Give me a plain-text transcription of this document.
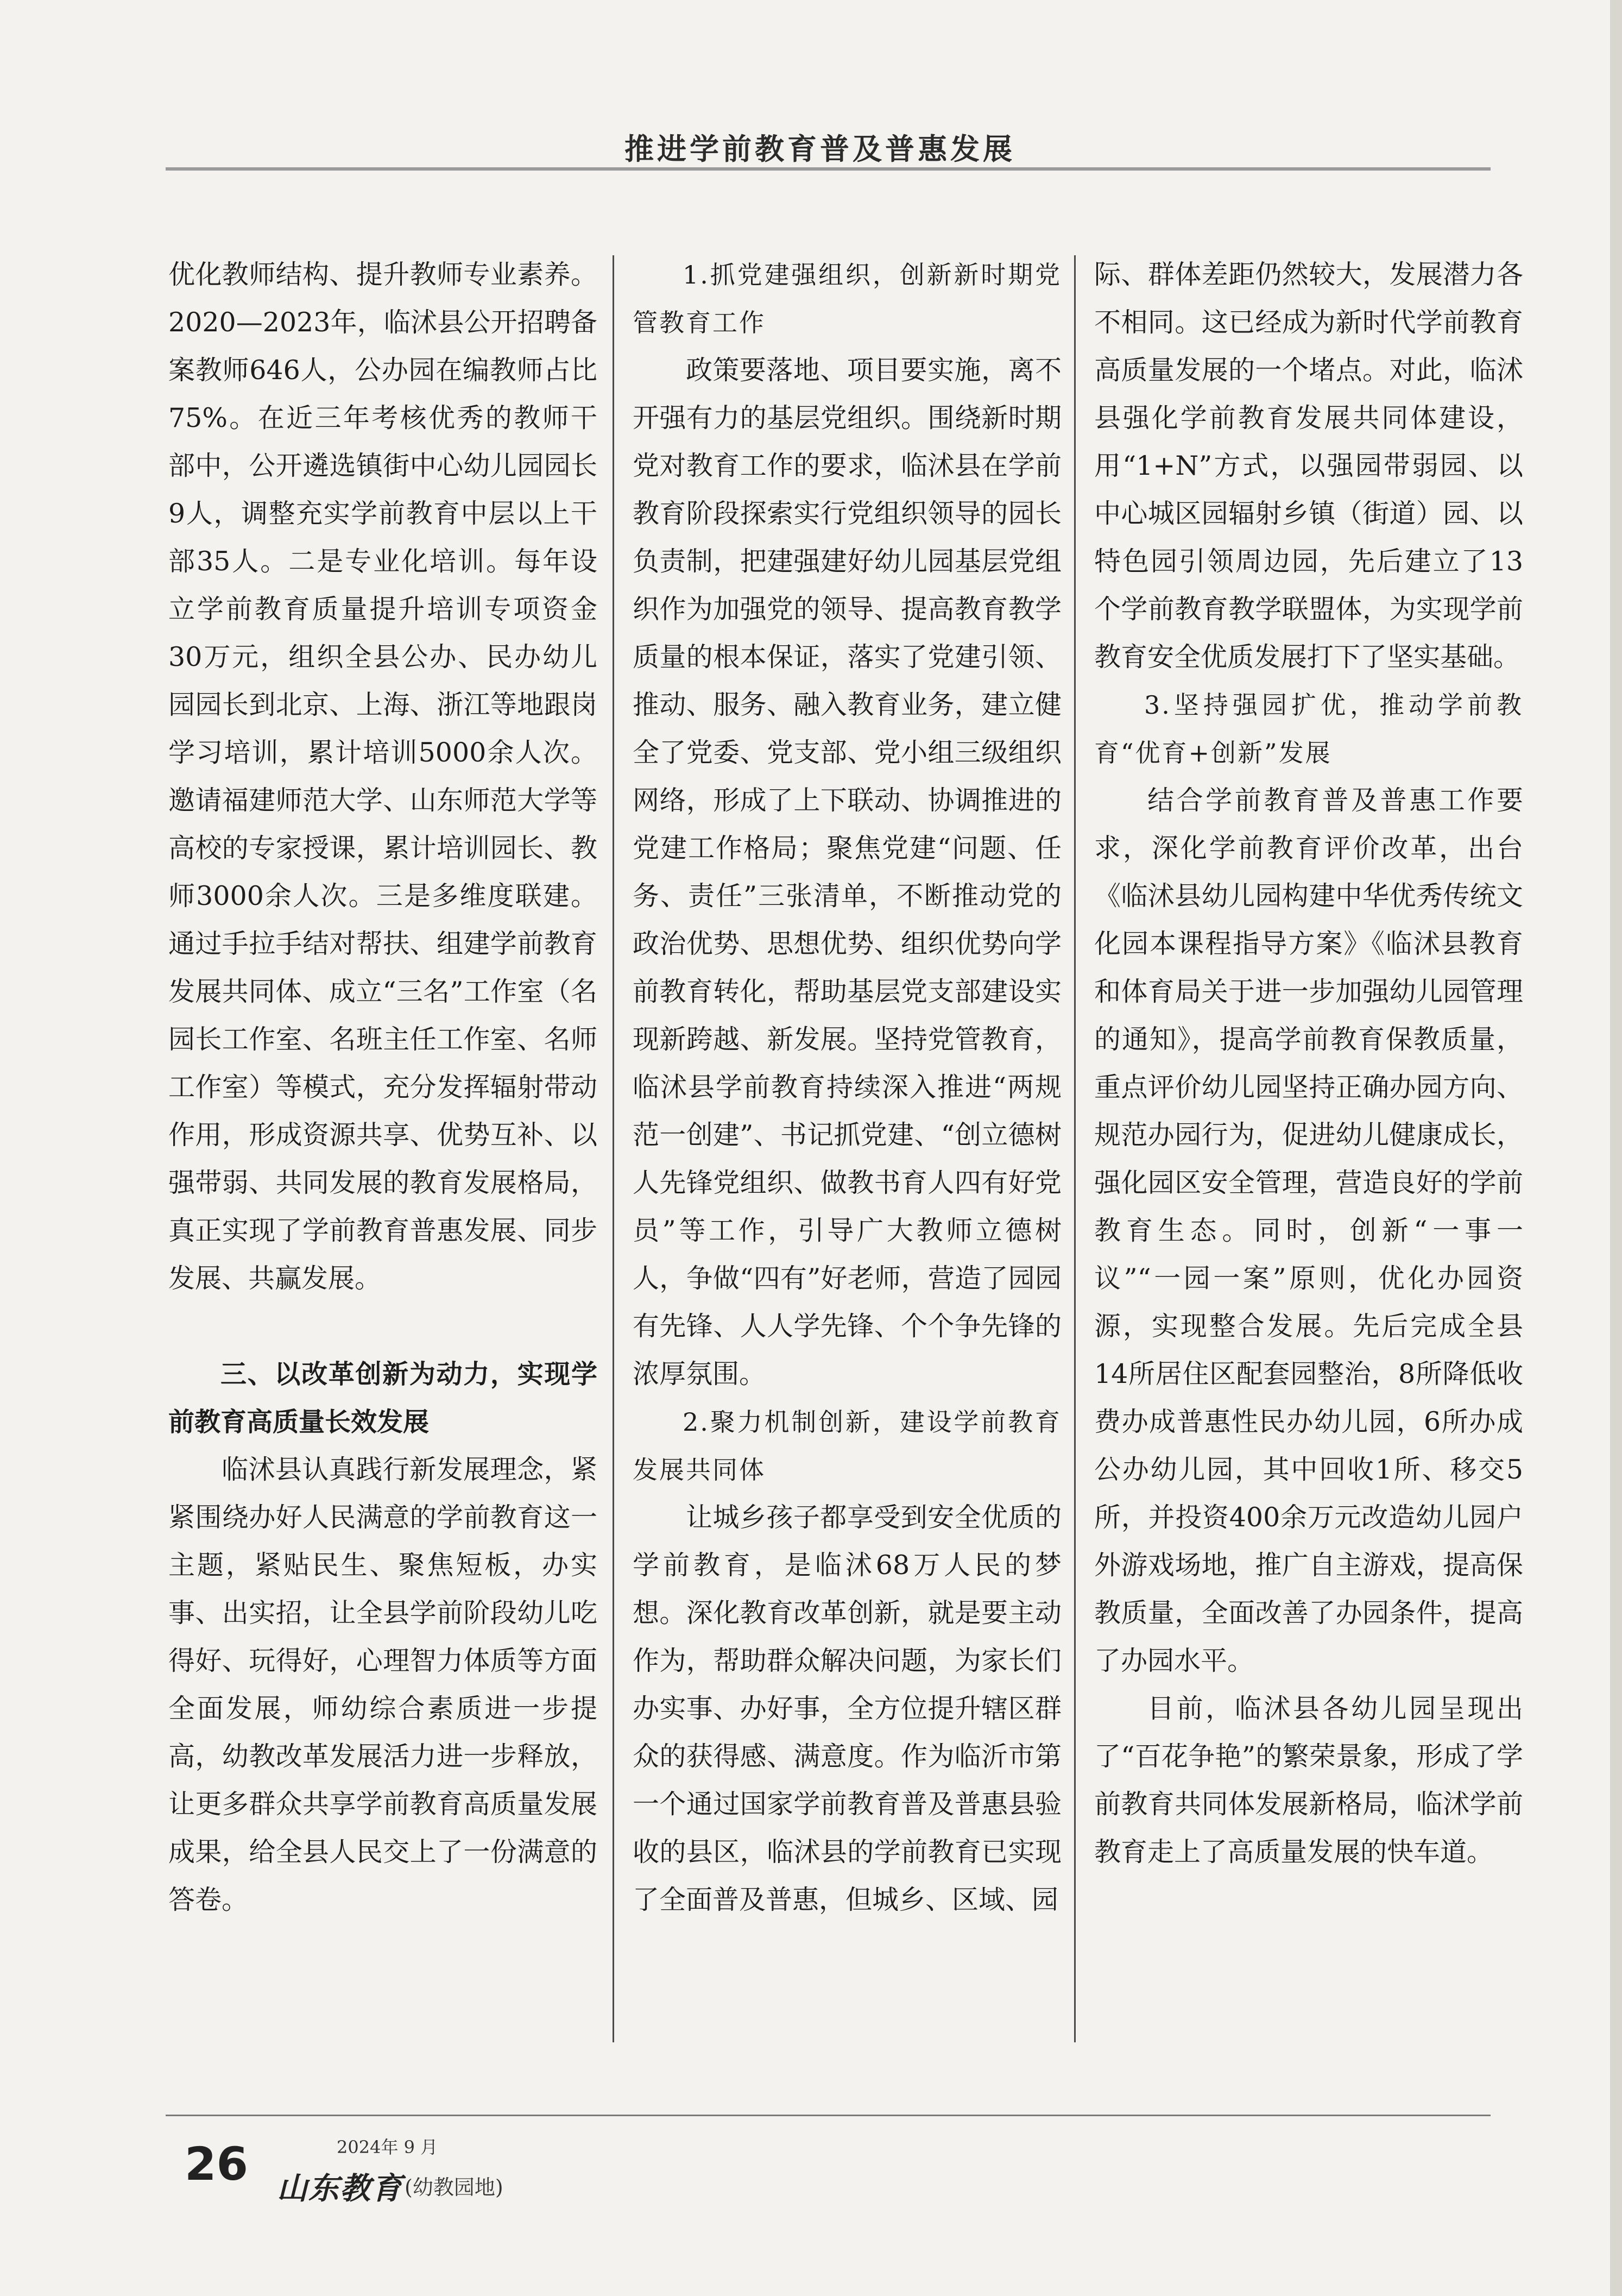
推进学前教育普及普惠发展

优化教师结构、提升教师专业素养。2020—2023年，临沭县公开招聘备案教师646人，公办园在编教师占比75%。在近三年考核优秀的教师干部中，公开遴选镇街中心幼儿园园长9人，调整充实学前教育中层以上干部35人。二是专业化培训。每年设立学前教育质量提升培训专项资金30万元，组织全县公办、民办幼儿园园长到北京、上海、浙江等地跟岗学习培训，累计培训5000余人次。邀请福建师范大学、山东师范大学等高校的专家授课，累计培训园长、教师3000余人次。三是多维度联建。通过手拉手结对帮扶、组建学前教育发展共同体、成立“三名”工作室（名园长工作室、名班主任工作室、名师工作室）等模式，充分发挥辐射带动作用，形成资源共享、优势互补、以强带弱、共同发展的教育发展格局，真正实现了学前教育普惠发展、同步发展、共赢发展。

三、以改革创新为动力，实现学前教育高质量长效发展

临沭县认真践行新发展理念，紧紧围绕办好人民满意的学前教育这一主题，紧贴民生、聚焦短板，办实事、出实招，让全县学前阶段幼儿吃得好、玩得好，心理智力体质等方面全面发展，师幼综合素质进一步提高，幼教改革发展活力进一步释放，让更多群众共享学前教育高质量发展成果，给全县人民交上了一份满意的答卷。

1.抓党建强组织，创新新时期党管教育工作

政策要落地、项目要实施，离不开强有力的基层党组织。围绕新时期党对教育工作的要求，临沭县在学前教育阶段探索实行党组织领导的园长负责制，把建强建好幼儿园基层党组织作为加强党的领导、提高教育教学质量的根本保证，落实了党建引领、推动、服务、融入教育业务，建立健全了党委、党支部、党小组三级组织网络，形成了上下联动、协调推进的党建工作格局；聚焦党建“问题、任务、责任”三张清单，不断推动党的政治优势、思想优势、组织优势向学前教育转化，帮助基层党支部建设实现新跨越、新发展。坚持党管教育，临沭县学前教育持续深入推进“两规范一创建”、书记抓党建、“创立德树人先锋党组织、做教书育人四有好党员”等工作，引导广大教师立德树人，争做“四有”好老师，营造了园园有先锋、人人学先锋、个个争先锋的浓厚氛围。

2.聚力机制创新，建设学前教育发展共同体

让城乡孩子都享受到安全优质的学前教育，是临沭68万人民的梦想。深化教育改革创新，就是要主动作为，帮助群众解决问题，为家长们办实事、办好事，全方位提升辖区群众的获得感、满意度。作为临沂市第一个通过国家学前教育普及普惠县验收的县区，临沭县的学前教育已实现了全面普及普惠，但城乡、区域、园

际、群体差距仍然较大，发展潜力各不相同。这已经成为新时代学前教育高质量发展的一个堵点。对此，临沭县强化学前教育发展共同体建设，用“1+N”方式，以强园带弱园、以中心城区园辐射乡镇（街道）园、以特色园引领周边园，先后建立了13个学前教育教学联盟体，为实现学前教育安全优质发展打下了坚实基础。

3.坚持强园扩优，推动学前教育“优育+创新”发展

结合学前教育普及普惠工作要求，深化学前教育评价改革，出台《临沭县幼儿园构建中华优秀传统文化园本课程指导方案》《临沭县教育和体育局关于进一步加强幼儿园管理的通知》，提高学前教育保教质量，重点评价幼儿园坚持正确办园方向、规范办园行为，促进幼儿健康成长，强化园区安全管理，营造良好的学前教育生态。同时，创新“一事一议”“一园一案”原则，优化办园资源，实现整合发展。先后完成全县14所居住区配套园整治，8所降低收费办成普惠性民办幼儿园，6所办成公办幼儿园，其中回收1所、移交5所，并投资400余万元改造幼儿园户外游戏场地，推广自主游戏，提高保教质量，全面改善了办园条件，提高了办园水平。

目前，临沭县各幼儿园呈现出了“百花争艳”的繁荣景象，形成了学前教育共同体发展新格局，临沭学前教育走上了高质量发展的快车道。

26	2024年 9 月
山东教育 (幼教园地)
